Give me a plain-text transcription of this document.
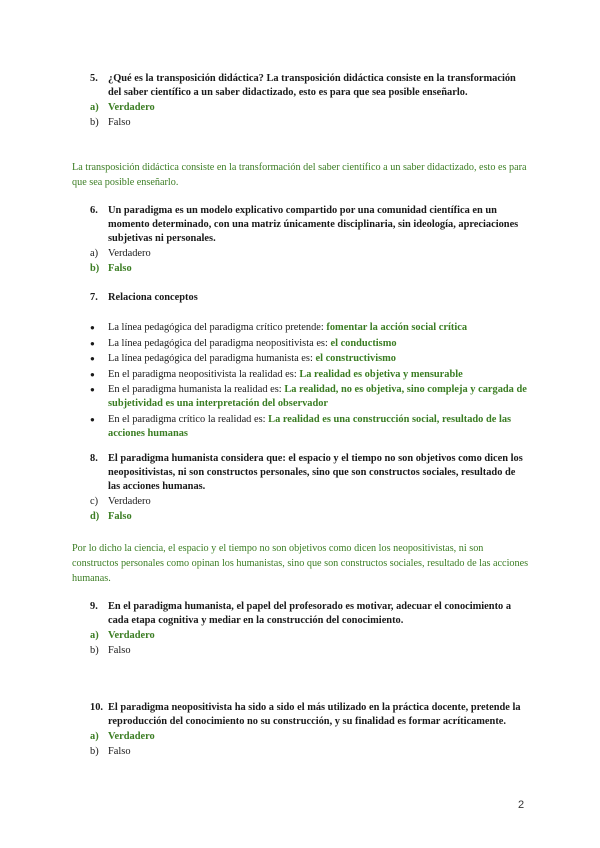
5. ¿Qué es la transposición didáctica? La transposición didáctica consiste en la transformación del saber científico a un saber didactizado, esto es para que sea posible enseñarlo.
a) Verdadero
b) Falso
La transposición didáctica consiste en la transformación del saber científico a un saber didactizado, esto es para que sea posible enseñarlo.
6. Un paradigma es un modelo explicativo compartido por una comunidad científica en un momento determinado, con una matriz únicamente disciplinaria, sin ideología, apreciaciones subjetivas ni personales.
a) Verdadero
b) Falso
7. Relaciona conceptos
●	La línea pedagógica del paradigma crítico pretende: fomentar la acción social crítica
●	La línea pedagógica del paradigma neopositivista es: el conductismo
●	La línea pedagógica del paradigma humanista es: el constructivismo
●	En el paradigma neopositivista la realidad es: La realidad es objetiva y mensurable
●	En el paradigma humanista la realidad es: La realidad, no es objetiva, sino compleja y cargada de subjetividad es una interpretación del observador
●	En el paradigma crítico la realidad es: La realidad es una construcción social, resultado de las acciones humanas
8. El paradigma humanista considera que: el espacio y el tiempo no son objetivos como dicen los neopositivistas, ni son constructos personales, sino que son constructos sociales, resultado de las acciones humanas.
c) Verdadero
d) Falso
Por lo dicho la ciencia, el espacio y el tiempo no son objetivos como dicen los neopositivistas, ni son constructos personales como opinan los humanistas, sino que son constructos sociales, resultado de las acciones humanas.
9. En el paradigma humanista, el papel del profesorado es motivar, adecuar el conocimiento a cada etapa cognitiva y mediar en la construcción del conocimiento.
a) Verdadero
b) Falso
10. El paradigma neopositivista ha sido a sido el más utilizado en la práctica docente, pretende la reproducción del conocimiento no su construcción, y su finalidad es formar acríticamente.
a) Verdadero
b) Falso
2
